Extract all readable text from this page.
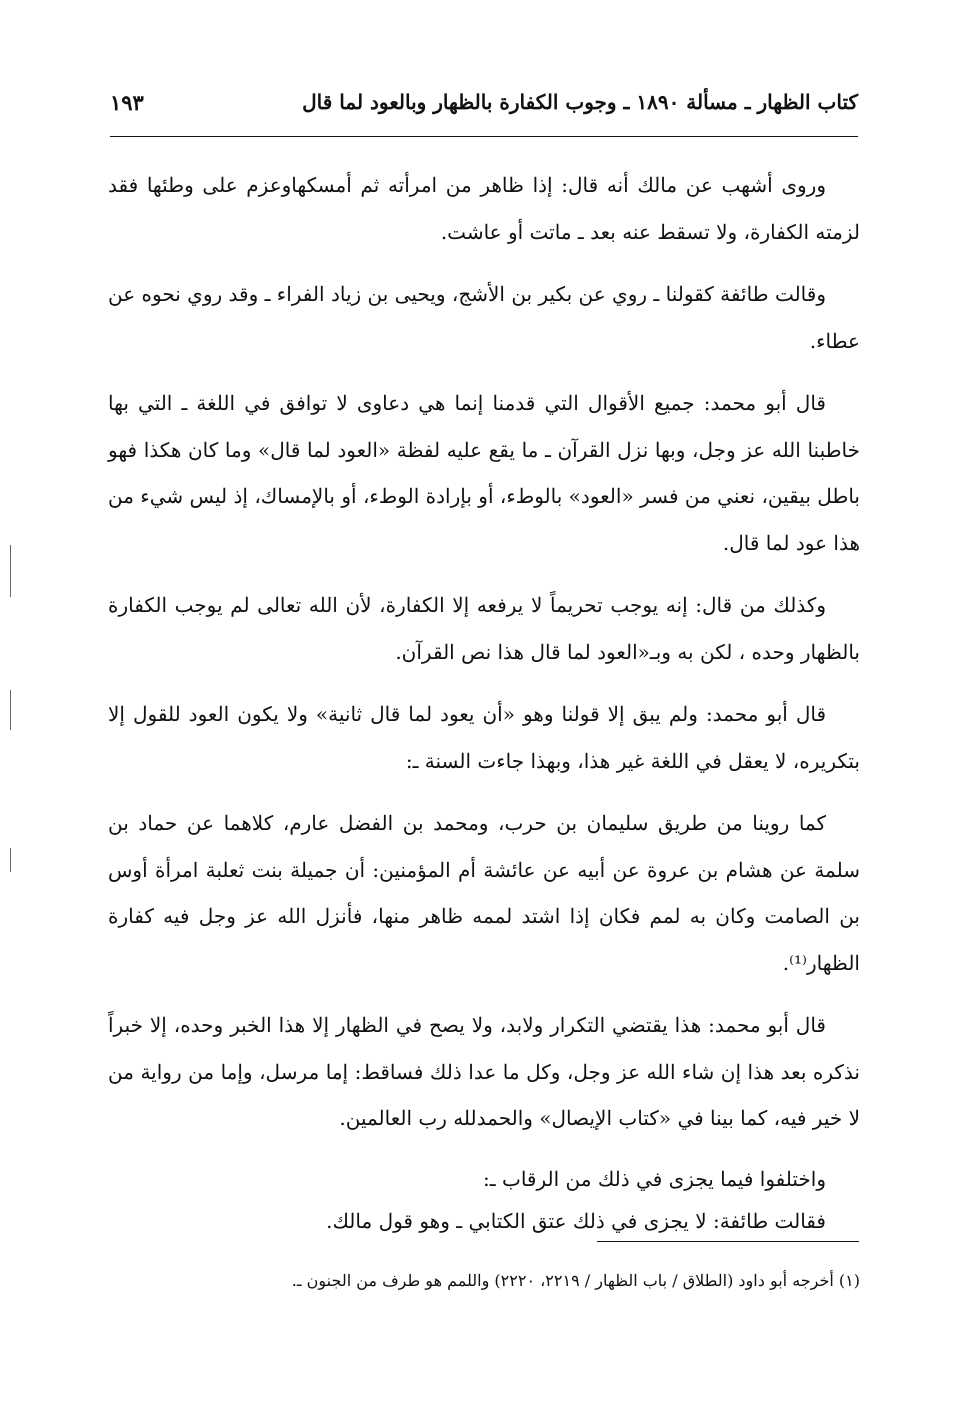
كتاب الظهار ـ مسألة ١٨٩٠ ـ وجوب الكفارة بالظهار وبالعود لما قال
١٩٣

وروى أشهب عن مالك أنه قال: إذا ظاهر من امرأته ثم أمسكهاوعزم على وطئها فقد لزمته الكفارة، ولا تسقط عنه بعد ـ ماتت أو عاشت.

وقالت طائفة كقولنا ـ روي عن بكير بن الأشج، ويحيى بن زياد الفراء ـ وقد روي نحوه عن عطاء.

قال أبو محمد: جميع الأقوال التي قدمنا إنما هي دعاوى لا توافق في اللغة ـ التي بها خاطبنا الله عز وجل، وبها نزل القرآن ـ ما يقع عليه لفظة «العود لما قال» وما كان هكذا فهو باطل بيقين، نعني من فسر «العود» بالوطء، أو بإرادة الوطء، أو بالإمساك، إذ ليس شيء من هذا عود لما قال.

وكذلك من قال: إنه يوجب تحريماً لا يرفعه إلا الكفارة، لأن الله تعالى لم يوجب الكفارة بالظهار وحده ، لكن به وبـ«العود لما قال هذا نص القرآن.

قال أبو محمد: ولم يبق إلا قولنا وهو «أن يعود لما قال ثانية» ولا يكون العود للقول إلا بتكريره، لا يعقل في اللغة غير هذا، وبهذا جاءت السنة ـ:

كما روينا من طريق سليمان بن حرب، ومحمد بن الفضل عارم، كلاهما عن حماد بن سلمة عن هشام بن عروة عن أبيه عن عائشة أم المؤمنين: أن جميلة بنت ثعلبة امرأة أوس بن الصامت وكان به لمم فكان إذا اشتد لممه ظاهر منها، فأنزل الله عز وجل فيه كفارة الظهار⁽¹⁾.

قال أبو محمد: هذا يقتضي التكرار ولابد، ولا يصح في الظهار إلا هذا الخبر وحده، إلا خبراً نذكره بعد هذا إن شاء الله عز وجل، وكل ما عدا ذلك فساقط: إما مرسل، وإما من رواية من لا خير فيه، كما بينا في «كتاب الإيصال» والحمدلله رب العالمين.

واختلفوا فيما يجزى في ذلك من الرقاب ـ:

فقالت طائفة: لا يجزى في ذلك عتق الكتابي ـ وهو قول مالك.

(١) أخرجه أبو داود (الطلاق / باب الظهار / ٢٢١٩، ٢٢٢٠) واللمم هو طرف من الجنون ـ.
